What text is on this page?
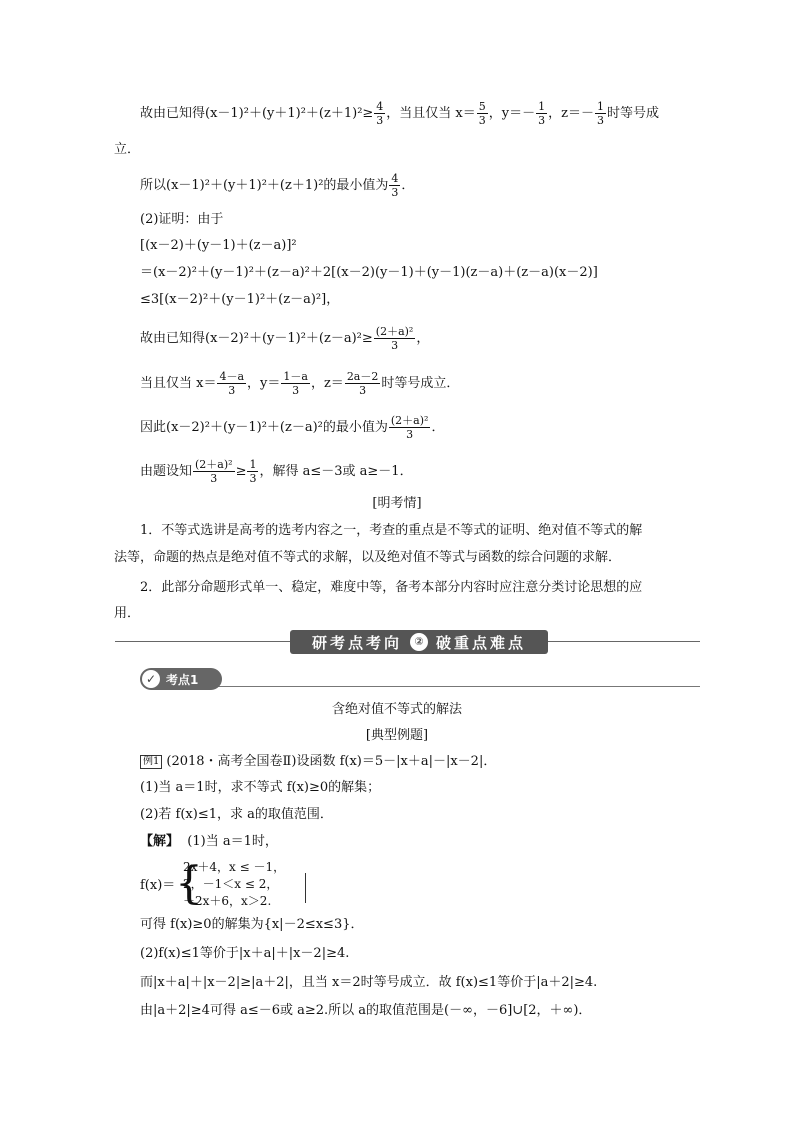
故由已知得$(x-1)^2+(y+1)^2+(z+1)^2\ge \frac{4}{3}$ ，当且仅当 $x= \frac{5}{3}$ ，$y=- \frac{1}{3}$ ，$z=- \frac{1}{3}$ 时等号成
立．
所以(x－1)²＋(y＋1)²＋(z＋1)²的最小值为 $\frac{4}{3}$ ．
(2)证明：由于
[(x－2)＋(y－1)＋(z－a)]²
＝(x－2)²＋(y－1)²＋(z－a)²＋2[(x－2)(y－1)＋(y－1)(z－a)＋(z－a)(x－2)]
≤3[(x－2)²＋(y－1)²＋(z－a)²]，
故由已知得$(x-2)^2+(y-1)^2+(z-a)^2\ge \frac{\text{(2＋a)²}}{3}$ ，
当且仅当 $x= \frac{4-a}{3}$ ，$y= \frac{1-a}{3}$ ，$z= \frac{2a-2}{3}$ 时等号成立．
因此(x－2)²＋(y－1)²＋(z－a)²的最小值为 $\frac{\text{(2＋a)²}}{3}$ ．
由题设知 $\frac{\text{(2＋a)²}}{3} \ge \frac{1}{3}$ ，解得 a≤－3或 a≥－1．
[明考情]
1．不等式选讲是高考的选考内容之一，考查的重点是不等式的证明、绝对值不等式的解
法等，命题的热点是绝对值不等式的求解，以及绝对值不等式与函数的综合问题的求解．
2．此部分命题形式单一、稳定，难度中等，备考本部分内容时应注意分类讨论思想的应
用．
研考点考向	② 破重点难点
✓ 考点1
含绝对值不等式的解法
[典型例题]
例1 (2018・高考全国卷Ⅱ)设函数 f(x)＝5－|x＋a|－|x－2|．
(1)当 a＝1时，求不等式 f(x)≥0的解集；
(2)若 f(x)≤1，求 a的取值范围．
【解】 (1)当 a＝1时，
f(x)＝ {
2x＋4，x ≤ －1，
2，－1＜x ≤ 2，
－2x＋6，x＞2.
可得 f(x)≥0的解集为{x|－2≤x≤3}．
(2)f(x)≤1等价于|x＋a|＋|x－2|≥4.
而|x＋a|＋|x－2|≥|a＋2|，且当 x＝2时等号成立．故 f(x)≤1等价于|a＋2|≥4.
由|a＋2|≥4可得 a≤－6或 a≥2.所以 a的取值范围是(－∞，－6]∪[2，＋∞)．
